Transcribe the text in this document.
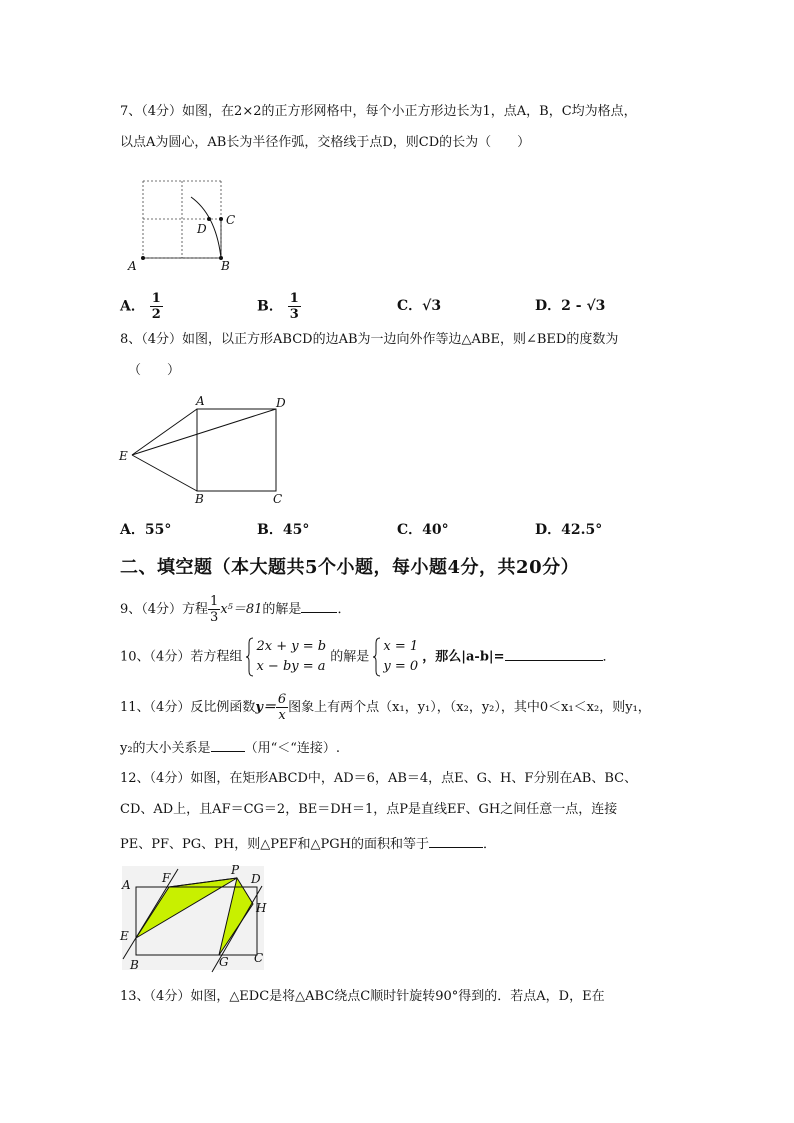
7、（4分）如图，在2×2的正方形网格中，每个小正方形边长为1，点A，B，C均为格点，
以点A为圆心，AB长为半径作弧，交格线于点D，则CD的长为（　　）
A	B
C
D
A． $\frac{1}{2}$	B． $\frac{1}{3}$	C．√3	D．2 - √3
8、（4分）如图，以正方形ABCD的边AB为一边向外作等边△ABE，则∠BED的度数为
（　　）
A	D
E
B	C
A．55°	B．45°	C．40°	D．42.5°
二、填空题（本大题共5个小题，每小题4分，共20分）
9、（4分）方程 $\frac{1}{3} x^5=81$的解是	．
10、（4分）若方程组
2x + y = b
x − by = a
的解是
x = 1
y = 0
，那么|a-b|=	．
11、（4分）反比例函数$y= \frac{6}{x}$ 图象上有两个点（x₁，y₁），（x₂，y₂），其中0＜x₁＜x₂，则y₁，
y₂的大小关系是	（用“＜“连接）.
12、（4分）如图，在矩形ABCD中，AD＝6，AB＝4，点E、G、H、F分别在AB、BC、
CD、AD上，且AF＝CG＝2，BE＝DH＝1，点P是直线EF、GH之间任意一点，连接
PE、PF、PG、PH，则△PEF和△PGH的面积和等于	．
A	F
P
D
H
E
B	G C
13、（4分）如图，△EDC是将△ABC绕点C顺时针旋转90°得到的．若点A，D，E在
